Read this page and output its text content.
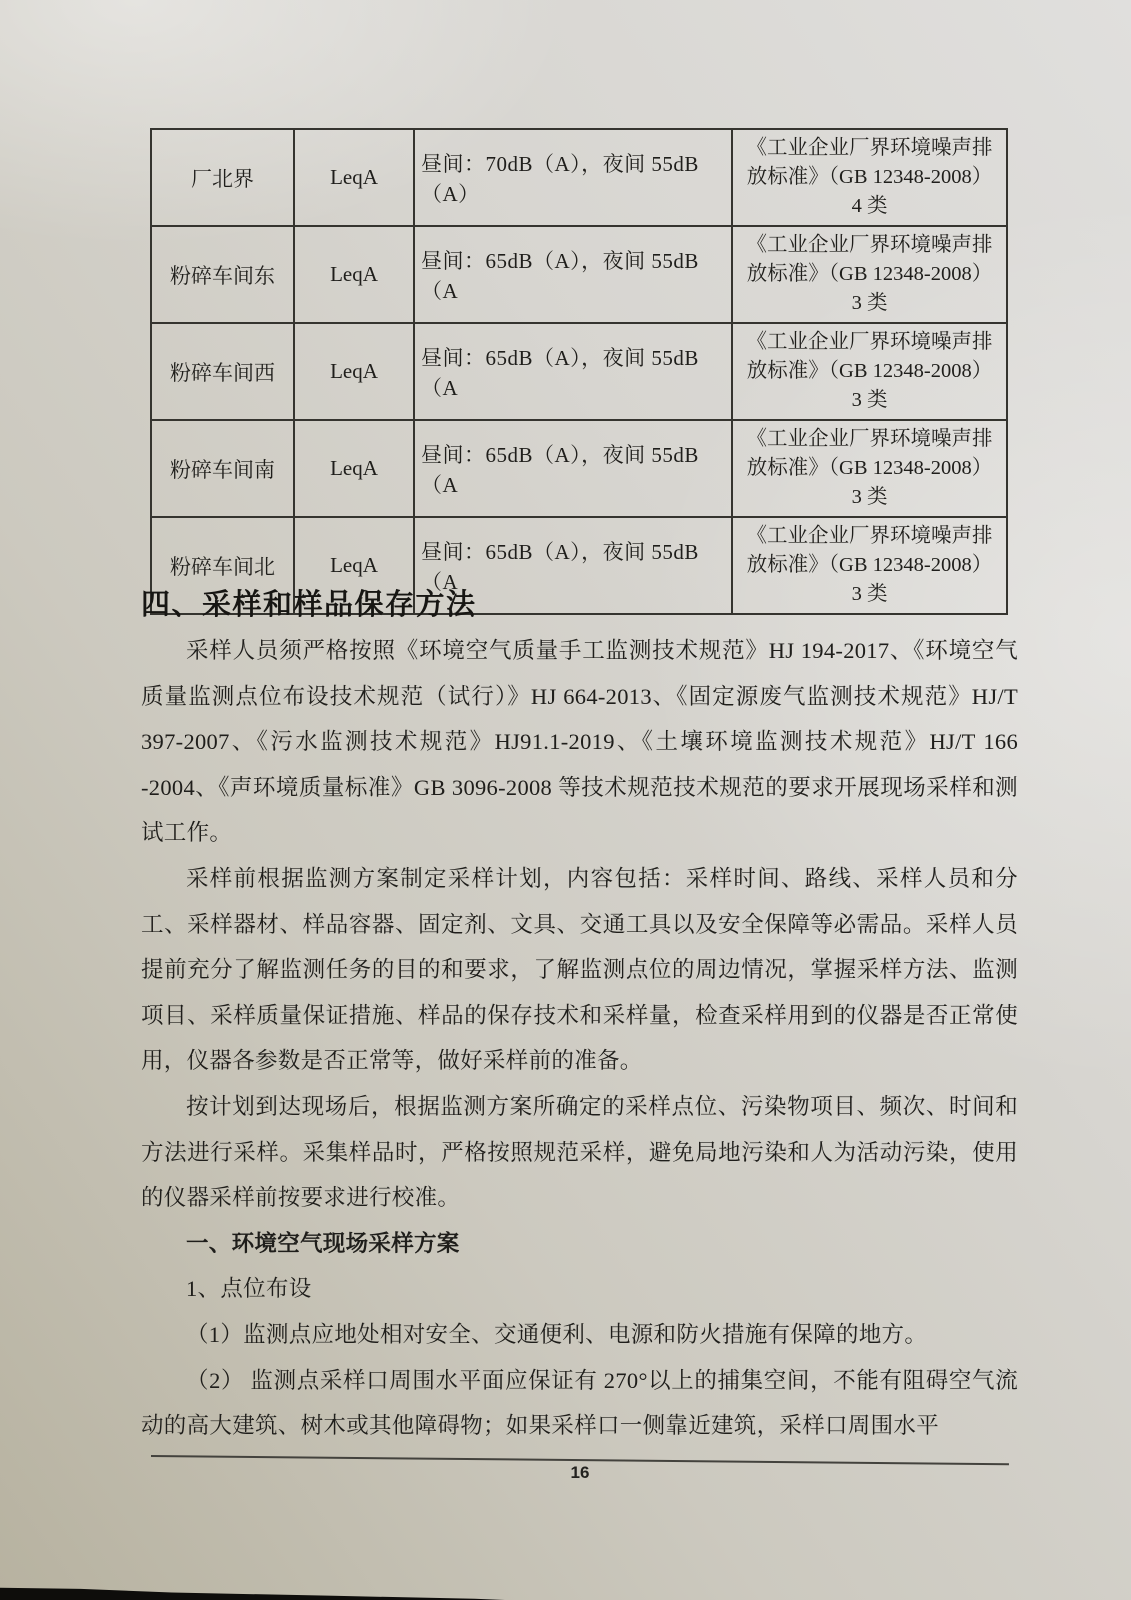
厂北界	LeqA	昼间：70dB（A），夜间 55dB（A）	《工业企业厂界环境噪声排放标准》（GB 12348-2008）
4 类

粉碎车间东	LeqA	昼间：65dB（A），夜间 55dB（A	《工业企业厂界环境噪声排放标准》（GB 12348-2008）
3 类

粉碎车间西	LeqA	昼间：65dB（A），夜间 55dB（A	《工业企业厂界环境噪声排放标准》（GB 12348-2008）
3 类

粉碎车间南	LeqA	昼间：65dB（A），夜间 55dB（A	《工业企业厂界环境噪声排放标准》（GB 12348-2008）
3 类

粉碎车间北	LeqA	昼间：65dB（A），夜间 55dB（A	《工业企业厂界环境噪声排放标准》（GB 12348-2008）
3 类
四、采样和样品保存方法

采样人员须严格按照《环境空气质量手工监测技术规范》HJ 194-2017、《环境空气质量监测点位布设技术规范（试行）》HJ 664-2013、《固定源废气监测技术规范》HJ/T 397-2007、《污水监测技术规范》HJ91.1-2019、《土壤环境监测技术规范》HJ/T 166 -2004、《声环境质量标准》GB 3096-2008 等技术规范技术规范的要求开展现场采样和测试工作。

采样前根据监测方案制定采样计划，内容包括：采样时间、路线、采样人员和分工、采样器材、样品容器、固定剂、文具、交通工具以及安全保障等必需品。采样人员提前充分了解监测任务的目的和要求，了解监测点位的周边情况，掌握采样方法、监测项目、采样质量保证措施、样品的保存技术和采样量，检查采样用到的仪器是否正常使用，仪器各参数是否正常等，做好采样前的准备。

按计划到达现场后，根据监测方案所确定的采样点位、污染物项目、频次、时间和方法进行采样。采集样品时，严格按照规范采样，避免局地污染和人为活动污染，使用的仪器采样前按要求进行校准。

一、环境空气现场采样方案

1、点位布设

（1）监测点应地处相对安全、交通便利、电源和防火措施有保障的地方。

（2） 监测点采样口周围水平面应保证有 270°以上的捕集空间，不能有阻碍空气流动的高大建筑、树木或其他障碍物；如果采样口一侧靠近建筑，采样口周围水平

16
